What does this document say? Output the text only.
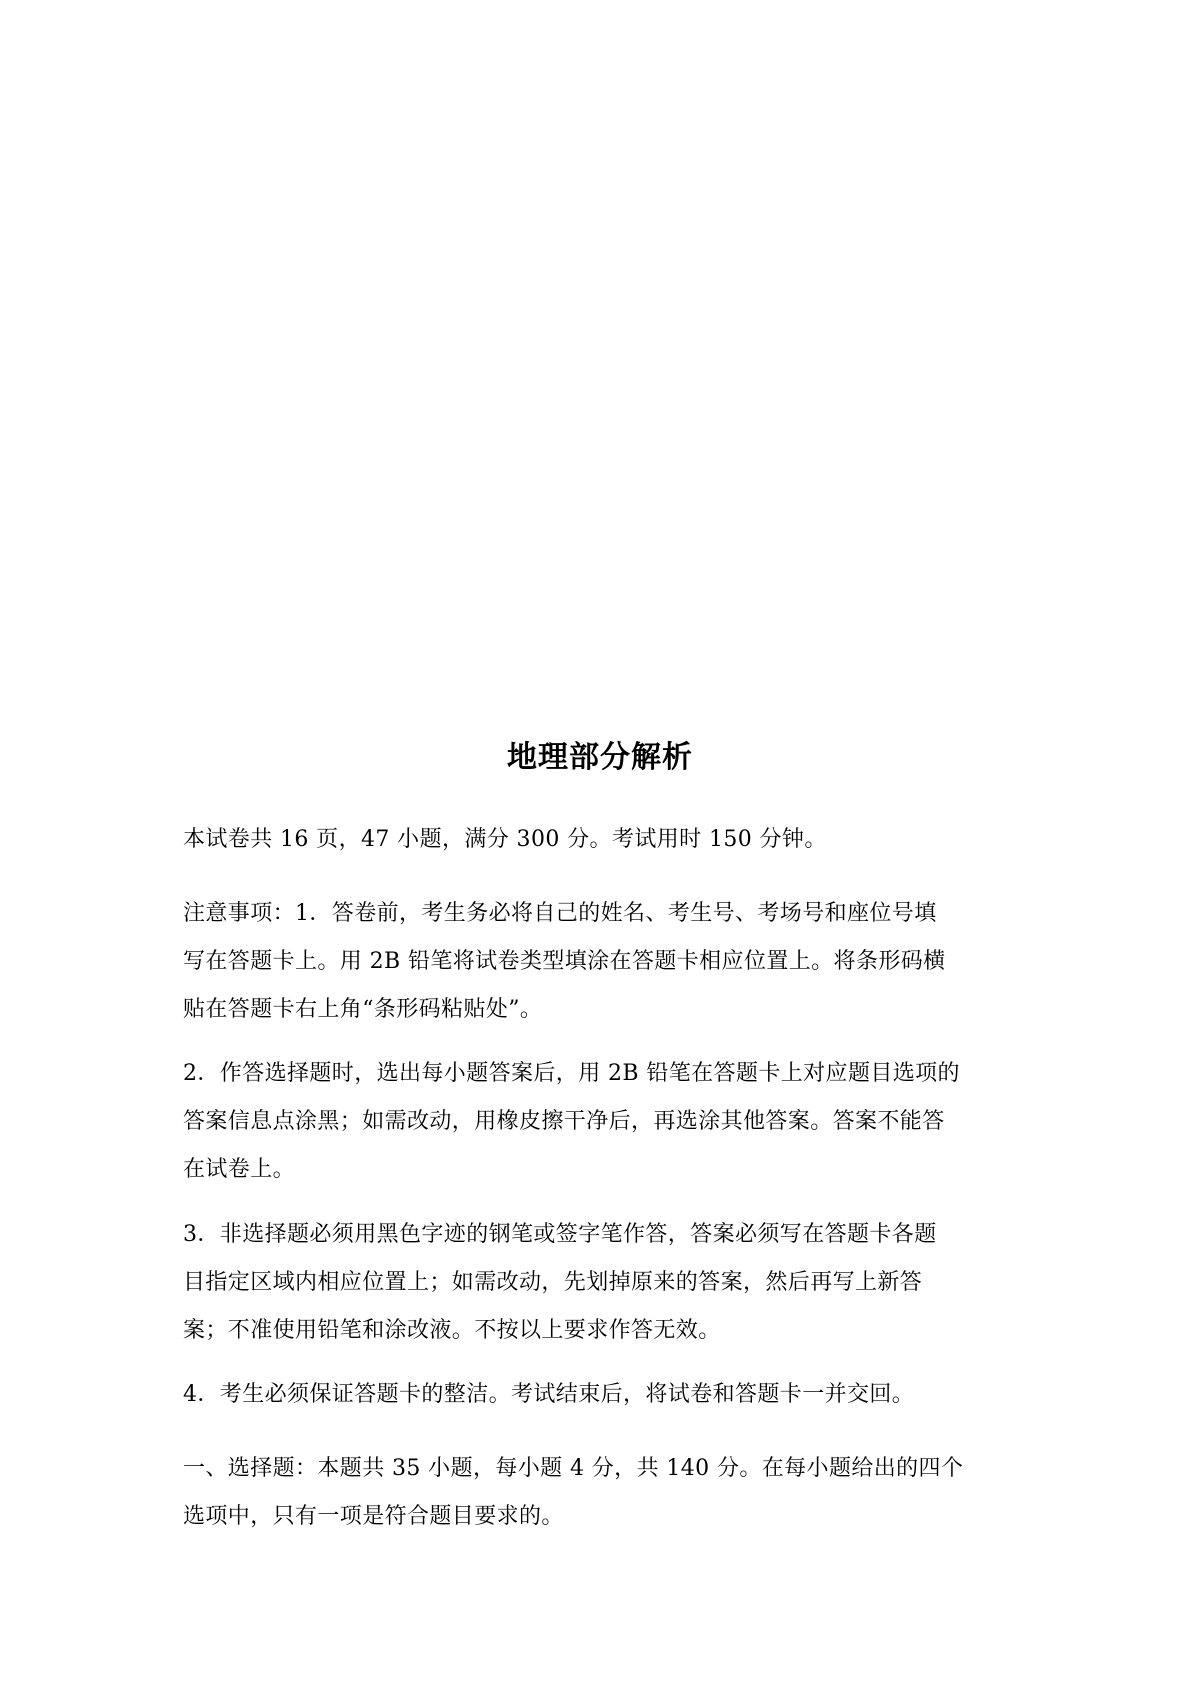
地理部分解析
本试卷共 16 页，47 小题，满分 300 分。考试用时 150 分钟。
注意事项：1．答卷前，考生务必将自己的姓名、考生号、考场号和座位号填
写在答题卡上。用 2B 铅笔将试卷类型填涂在答题卡相应位置上。将条形码横
贴在答题卡右上角“条形码粘贴处”。
2．作答选择题时，选出每小题答案后，用 2B 铅笔在答题卡上对应题目选项的
答案信息点涂黑；如需改动，用橡皮擦干净后，再选涂其他答案。答案不能答
在试卷上。
3．非选择题必须用黑色字迹的钢笔或签字笔作答，答案必须写在答题卡各题
目指定区域内相应位置上；如需改动，先划掉原来的答案，然后再写上新答
案；不准使用铅笔和涂改液。不按以上要求作答无效。
4．考生必须保证答题卡的整洁。考试结束后，将试卷和答题卡一并交回。
一、选择题：本题共 35 小题，每小题 4 分，共 140 分。在每小题给出的四个
选项中，只有一项是符合题目要求的。
